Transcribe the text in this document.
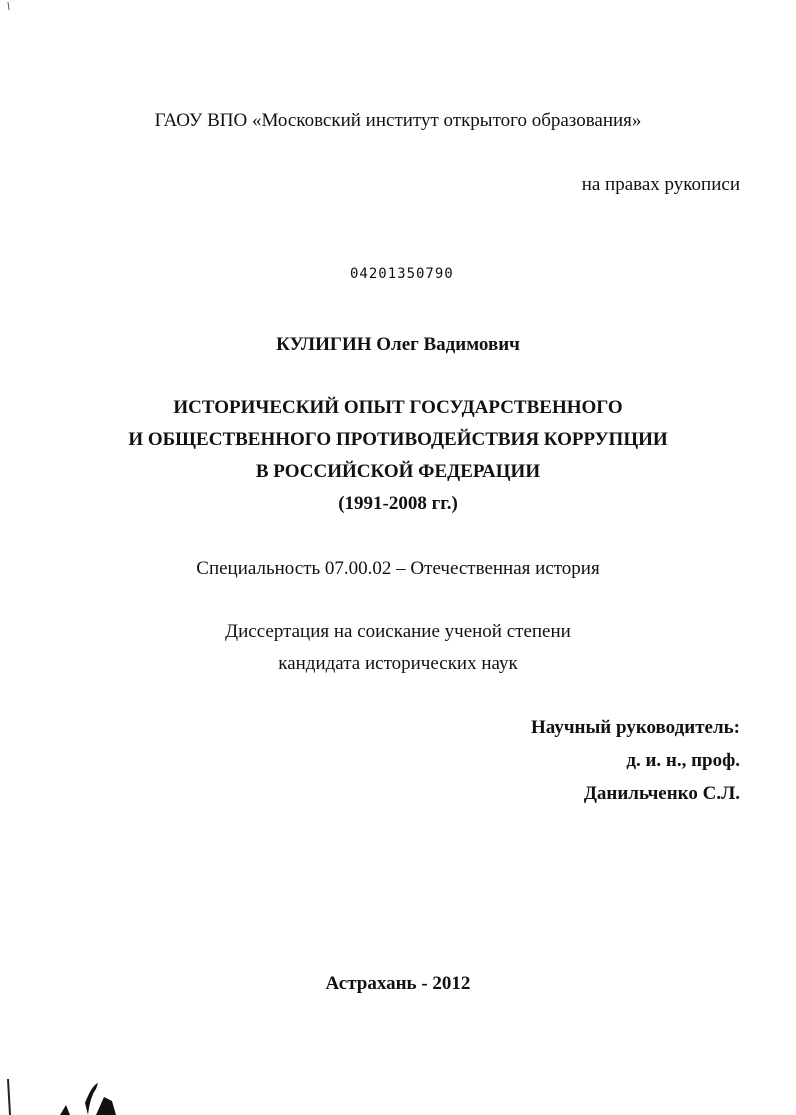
ГАОУ ВПО «Московский институт открытого образования»
на правах рукописи
04201350790
КУЛИГИН Олег Вадимович
ИСТОРИЧЕСКИЙ ОПЫТ ГОСУДАРСТВЕННОГО
И ОБЩЕСТВЕННОГО ПРОТИВОДЕЙСТВИЯ КОРРУПЦИИ
В РОССИЙСКОЙ ФЕДЕРАЦИИ
(1991-2008 гг.)
Специальность 07.00.02 – Отечественная история
Диссертация на соискание ученой степени
кандидата исторических наук
Научный руководитель:
д. и. н., проф.
Данильченко С.Л.
Астрахань - 2012
